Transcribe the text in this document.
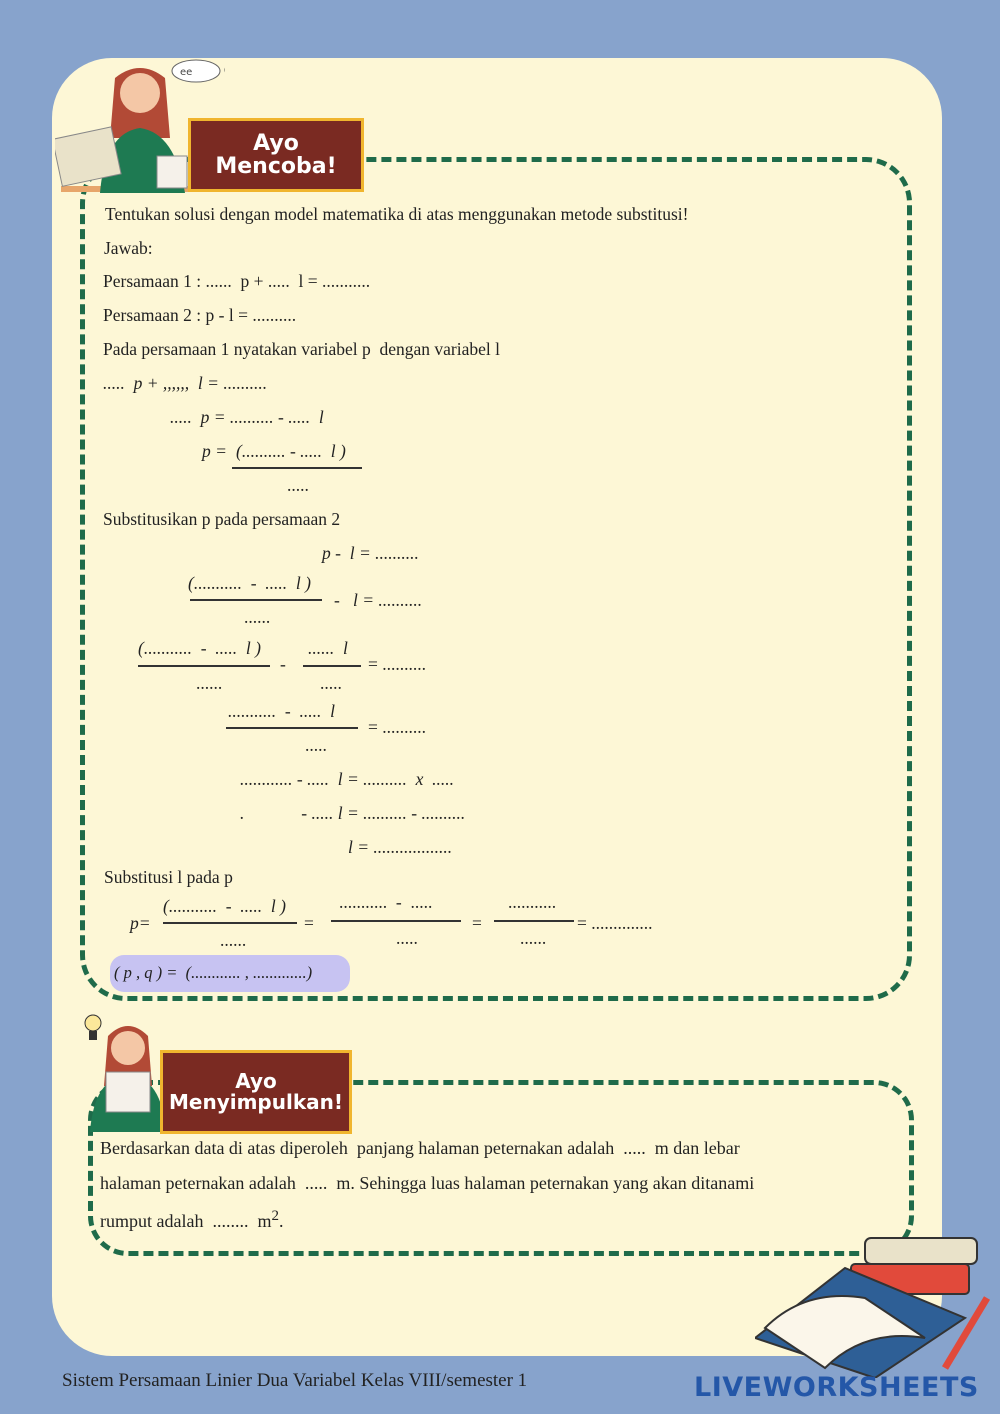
ee
Ayo
Mencoba!
Tentukan solusi dengan model matematika di atas menggunakan metode substitusi!
Jawab:
Persamaan 1 : ......  p + .....  l = ...........
Persamaan 2 : p - l = ..........
Pada persamaan 1 nyatakan variabel p  dengan variabel l
.....  p + ,,,,,,  l = ..........
.....  p = .......... - .....  l
p = (.......... - .....  l )
.....
Substitusikan p pada persamaan 2
p -  l = ..........
(...........  -  .....  l )
......
-   l = ..........
(...........  -  .....  l )
......
-
......  l
.....
= ..........
...........  -  .....  l
.....
= ..........
............ - .....  l = ..........  x  .....
.             - ..... l = .......... - ..........
l = ..................
Substitusi l pada p
p=
(...........  -  .....  l )
......
=
...........  -  .....
.....
=
...........
......
= ..............
( p , q ) =  (............ , .............)
Ayo
Menyimpulkan!
Berdasarkan data di atas diperoleh  panjang halaman peternakan adalah  .....  m dan lebar
halaman peternakan adalah  .....  m. Sehingga luas halaman peternakan yang akan ditanami
rumput adalah  ........  $m^2$.
Sistem Persamaan Linier Dua Variabel Kelas VIII/semester 1	LIVEWORKSHEETS
